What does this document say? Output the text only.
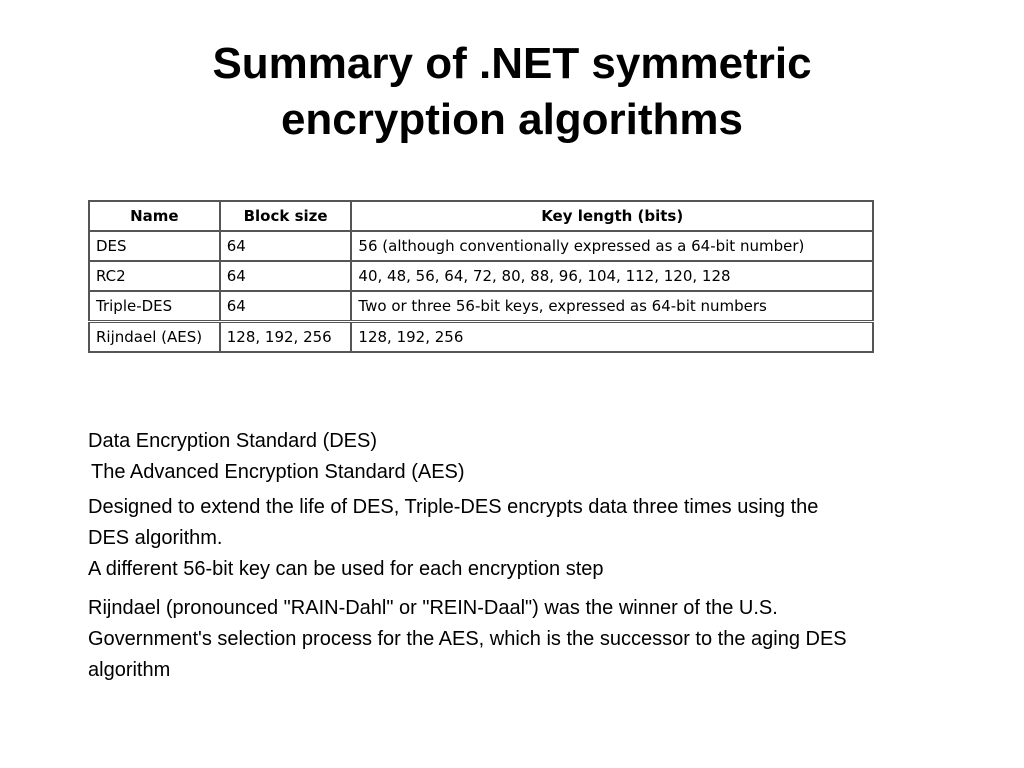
Summary of .NET symmetric
encryption algorithms
Name	Block size	Key length (bits)
DES	64	56 (although conventionally expressed as a 64-bit number)
RC2	64	40, 48, 56, 64, 72, 80, 88, 96, 104, 112, 120, 128
Triple-DES	64	Two or three 56-bit keys, expressed as 64-bit numbers
Rijndael (AES)	128, 192, 256	128, 192, 256

Data Encryption Standard (DES)

The Advanced Encryption Standard (AES)

Designed to extend the life of DES, Triple-DES encrypts data three times using the

DES algorithm.

A different 56-bit key can be used for each encryption step

Rijndael (pronounced "RAIN-Dahl" or "REIN-Daal") was the winner of the U.S.

Government's selection process for the AES, which is the successor to the aging DES

algorithm
